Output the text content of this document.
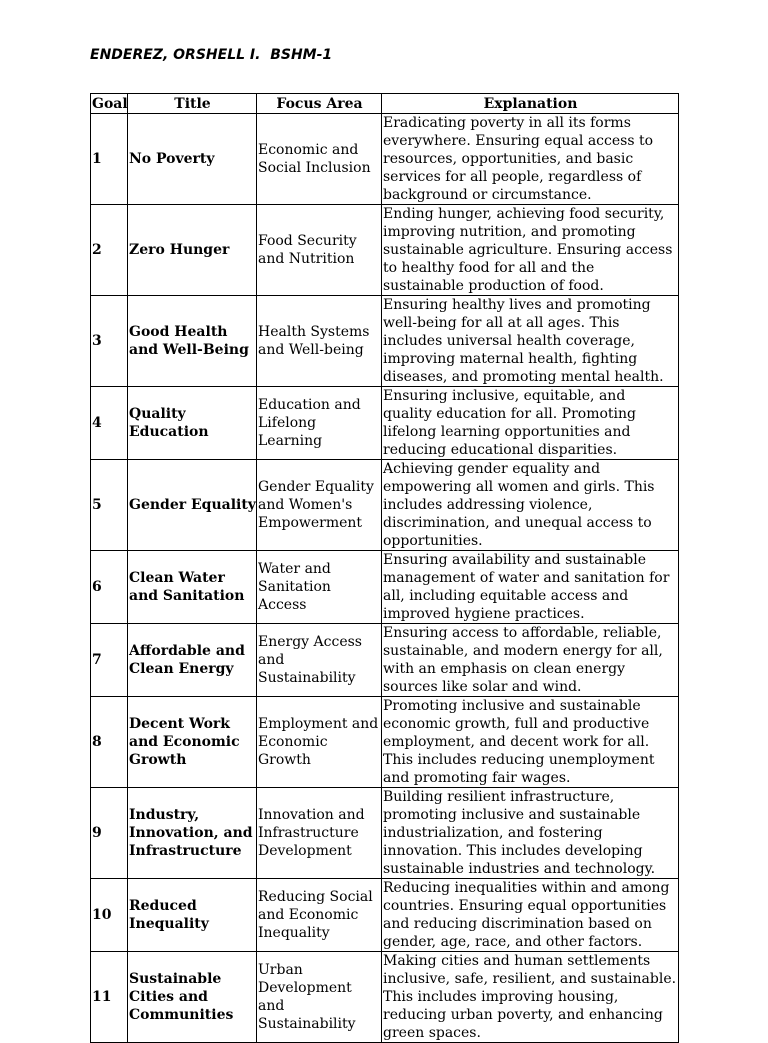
ENDEREZ, ORSHELL I.  BSHM-1
Goal	Title	Focus Area	Explanation
1	No Poverty	Economic and Social Inclusion	Eradicating poverty in all its forms everywhere. Ensuring equal access to resources, opportunities, and basic services for all people, regardless of background or circumstance.
2	Zero Hunger	Food Security and Nutrition	Ending hunger, achieving food security, improving nutrition, and promoting sustainable agriculture. Ensuring access to healthy food for all and the sustainable production of food.
3	Good Health and Well-Being	Health Systems and Well-being	Ensuring healthy lives and promoting well-being for all at all ages. This includes universal health coverage, improving maternal health, fighting diseases, and promoting mental health.
4	Quality Education	Education and Lifelong Learning	Ensuring inclusive, equitable, and quality education for all. Promoting lifelong learning opportunities and reducing educational disparities.
5	Gender Equality	Gender Equality and Women's Empowerment	Achieving gender equality and empowering all women and girls. This includes addressing violence, discrimination, and unequal access to opportunities.
6	Clean Water and Sanitation	Water and Sanitation Access	Ensuring availability and sustainable management of water and sanitation for all, including equitable access and improved hygiene practices.
7	Affordable and Clean Energy	Energy Access and Sustainability	Ensuring access to affordable, reliable, sustainable, and modern energy for all, with an emphasis on clean energy sources like solar and wind.
8	Decent Work and Economic Growth	Employment and Economic Growth	Promoting inclusive and sustainable economic growth, full and productive employment, and decent work for all. This includes reducing unemployment and promoting fair wages.
9	Industry, Innovation, and Infrastructure	Innovation and Infrastructure Development	Building resilient infrastructure, promoting inclusive and sustainable industrialization, and fostering innovation. This includes developing sustainable industries and technology.
10	Reduced Inequality	Reducing Social and Economic Inequality	Reducing inequalities within and among countries. Ensuring equal opportunities and reducing discrimination based on gender, age, race, and other factors.
11	Sustainable Cities and Communities	Urban Development and Sustainability	Making cities and human settlements inclusive, safe, resilient, and sustainable. This includes improving housing, reducing urban poverty, and enhancing green spaces.
